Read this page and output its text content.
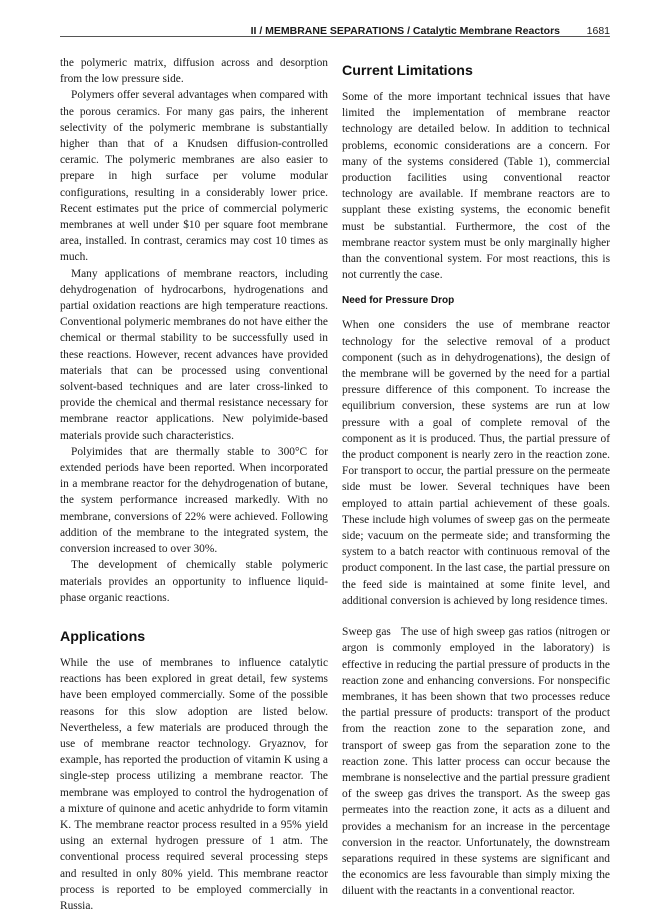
II / MEMBRANE SEPARATIONS / Catalytic Membrane Reactors	1681

the polymeric matrix, diffusion across and desorption from the low pressure side.

Polymers offer several advantages when compared with the porous ceramics. For many gas pairs, the inherent selectivity of the polymeric membrane is substantially higher than that of a Knudsen diffusion-controlled ceramic. The polymeric membranes are also easier to prepare in high surface per volume modular configurations, resulting in a considerably lower price. Recent estimates put the price of commercial polymeric membranes at well under $10 per square foot membrane area, installed. In contrast, ceramics may cost 10 times as much.

Many applications of membrane reactors, including dehydrogenation of hydrocarbons, hydrogenations and partial oxidation reactions are high temperature reactions. Conventional polymeric membranes do not have either the chemical or thermal stability to be successfully used in these reactions. However, recent advances have provided materials that can be processed using conventional solvent-based techniques and are later cross-linked to provide the chemical and thermal resistance necessary for membrane reactor applications. New polyimide-based materials provide such characteristics.

Polyimides that are thermally stable to 300°C for extended periods have been reported. When incorporated in a membrane reactor for the dehydrogenation of butane, the system performance increased markedly. With no membrane, conversions of 22% were achieved. Following addition of the membrane to the integrated system, the conversion increased to over 30%.

The development of chemically stable polymeric materials provides an opportunity to influence liquid-phase organic reactions.

Applications

While the use of membranes to influence catalytic reactions has been explored in great detail, few systems have been employed commercially. Some of the possible reasons for this slow adoption are listed below. Nevertheless, a few materials are produced through the use of membrane reactor technology. Gryaznov, for example, has reported the production of vitamin K using a single-step process utilizing a membrane reactor. The membrane was employed to control the hydrogenation of a mixture of quinone and acetic anhydride to form vitamin K. The membrane reactor process resulted in a 95% yield using an external hydrogen pressure of 1 atm. The conventional process required several processing steps and resulted in only 80% yield. This membrane reactor process is reported to be employed commercially in Russia.

Current Limitations

Some of the more important technical issues that have limited the implementation of membrane reactor technology are detailed below. In addition to technical problems, economic considerations are a concern. For many of the systems considered (Table 1), commercial production facilities using conventional reactor technology are available. If membrane reactors are to supplant these existing systems, the economic benefit must be substantial. Furthermore, the cost of the membrane reactor system must be only marginally higher than the conventional system. For most reactions, this is not currently the case.

Need for Pressure Drop

When one considers the use of membrane reactor technology for the selective removal of a product component (such as in dehydrogenations), the design of the membrane will be governed by the need for a partial pressure difference of this component. To increase the equilibrium conversion, these systems are run at low pressure with a goal of complete removal of the component as it is produced. Thus, the partial pressure of the product component is nearly zero in the reaction zone. For transport to occur, the partial pressure on the permeate side must be lower. Several techniques have been employed to attain partial achievement of these goals. These include high volumes of sweep gas on the permeate side; vacuum on the permeate side; and transforming the system to a batch reactor with continuous removal of the product component. In the last case, the partial pressure on the feed side is maintained at some finite level, and additional conversion is achieved by long residence times.

Sweep gas The use of high sweep gas ratios (nitrogen or argon is commonly employed in the laboratory) is effective in reducing the partial pressure of products in the reaction zone and enhancing conversions. For nonspecific membranes, it has been shown that two processes reduce the partial pressure of products: transport of the product from the reaction zone to the separation zone, and transport of sweep gas from the separation zone to the reaction zone. This latter process can occur because the membrane is nonselective and the partial pressure gradient of the sweep gas drives the transport. As the sweep gas permeates into the reaction zone, it acts as a diluent and provides a mechanism for an increase in the percentage conversion in the reactor. Unfortunately, the downstream separations required in these systems are significant and the economics are less favourable than simply mixing the diluent with the reactants in a conventional reactor.
